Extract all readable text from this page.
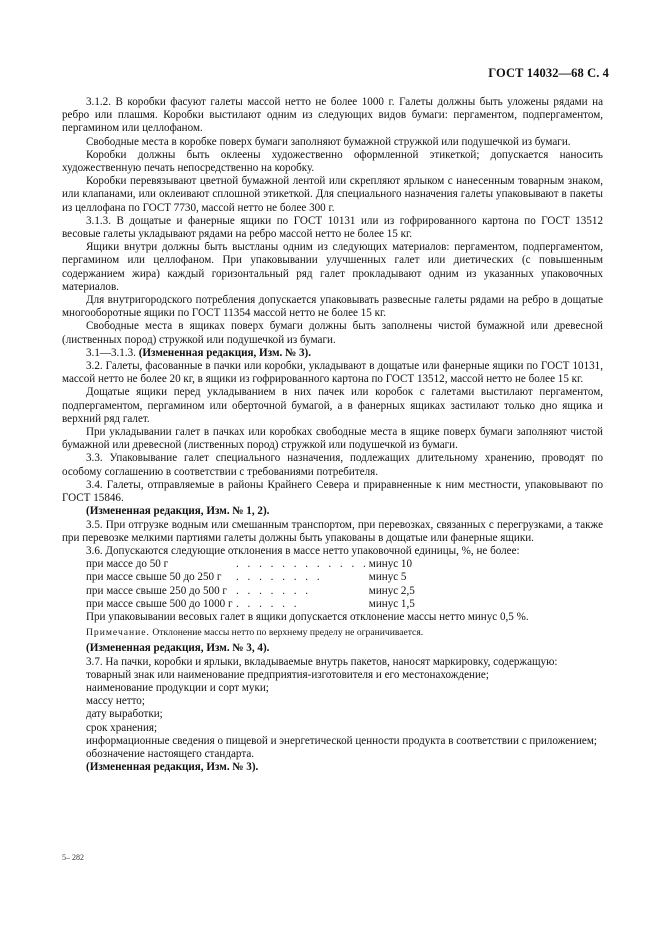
ГОСТ 14032—68 С. 4

3.1.2. В коробки фасуют галеты массой нетто не более 1000 г. Галеты должны быть уложены рядами на ребро или плашмя. Коробки выстилают одним из следующих видов бумаги: пергаментом, подпергаментом, пергамином или целлофаном.

Свободные места в коробке поверх бумаги заполняют бумажной стружкой или подушечкой из бумаги.

Коробки должны быть оклеены художественно оформленной этикеткой; допускается наносить художественную печать непосредственно на коробку.

Коробки перевязывают цветной бумажной лентой или скрепляют ярлыком с нанесенным товарным знаком, или клапанами, или оклеивают сплошной этикеткой. Для специального назначения галеты упаковывают в пакеты из целлофана по ГОСТ 7730, массой нетто не более 300 г.

3.1.3. В дощатые и фанерные ящики по ГОСТ 10131 или из гофрированного картона по ГОСТ 13512 весовые галеты укладывают рядами на ребро массой нетто не более 15 кг.

Ящики внутри должны быть выстланы одним из следующих материалов: пергаментом, подпергаментом, пергамином или целлофаном. При упаковывании улучшенных галет или диетических (с повышенным содержанием жира) каждый горизонтальный ряд галет прокладывают одним из указанных упаковочных материалов.

Для внутригородского потребления допускается упаковывать развесные галеты рядами на ребро в дощатые многооборотные ящики по ГОСТ 11354 массой нетто не более 15 кг.

Свободные места в ящиках поверх бумаги должны быть заполнены чистой бумажной или древесной (лиственных пород) стружкой или подушечкой из бумаги.

3.1—3.1.3. (Измененная редакция, Изм. № 3).

3.2. Галеты, фасованные в пачки или коробки, укладывают в дощатые или фанерные ящики по ГОСТ 10131, массой нетто не более 20 кг, в ящики из гофрированного картона по ГОСТ 13512, массой нетто не более 15 кг.

Дощатые ящики перед укладыванием в них пачек или коробок с галетами выстилают пергаментом, подпергаментом, пергамином или оберточной бумагой, а в фанерных ящиках застилают только дно ящика и верхний ряд галет.

При укладывании галет в пачках или коробках свободные места в ящике поверх бумаги заполняют чистой бумажной или древесной (лиственных пород) стружкой или подушечкой из бумаги.

3.3. Упаковывание галет специального назначения, подлежащих длительному хранению, проводят по особому соглашению в соответствии с требованиями потребителя.

3.4. Галеты, отправляемые в районы Крайнего Севера и приравненные к ним местности, упаковывают по ГОСТ 15846.

(Измененная редакция, Изм. № 1, 2).

3.5. При отгрузке водным или смешанным транспортом, при перевозках, связанных с перегрузками, а также при перевозке мелкими партиями галеты должны быть упакованы в дощатые или фанерные ящики.

3.6. Допускаются следующие отклонения в массе нетто упаковочной единицы, %, не более:

при массе до 50 г	. . . . . . . . . . . .	минус 10
при массе свыше 50 до 250 г	. . . . . . . .	минус 5
при массе свыше 250 до 500 г	. . . . . . .	минус 2,5
при массе свыше 500 до 1000 г	. . . . . .	минус 1,5

При упаковывании весовых галет в ящики допускается отклонение массы нетто минус 0,5 %.

Примечание. Отклонение массы нетто по верхнему пределу не ограничивается.

(Измененная редакция, Изм. № 3, 4).

3.7. На пачки, коробки и ярлыки, вкладываемые внутрь пакетов, наносят маркировку, содержащую:

товарный знак или наименование предприятия-изготовителя и его местонахождение;

наименование продукции и сорт муки;

массу нетто;

дату выработки;

срок хранения;

информационные сведения о пищевой и энергетической ценности продукта в соответствии с приложением;

обозначение настоящего стандарта.

(Измененная редакция, Изм. № 3).

5– 282
